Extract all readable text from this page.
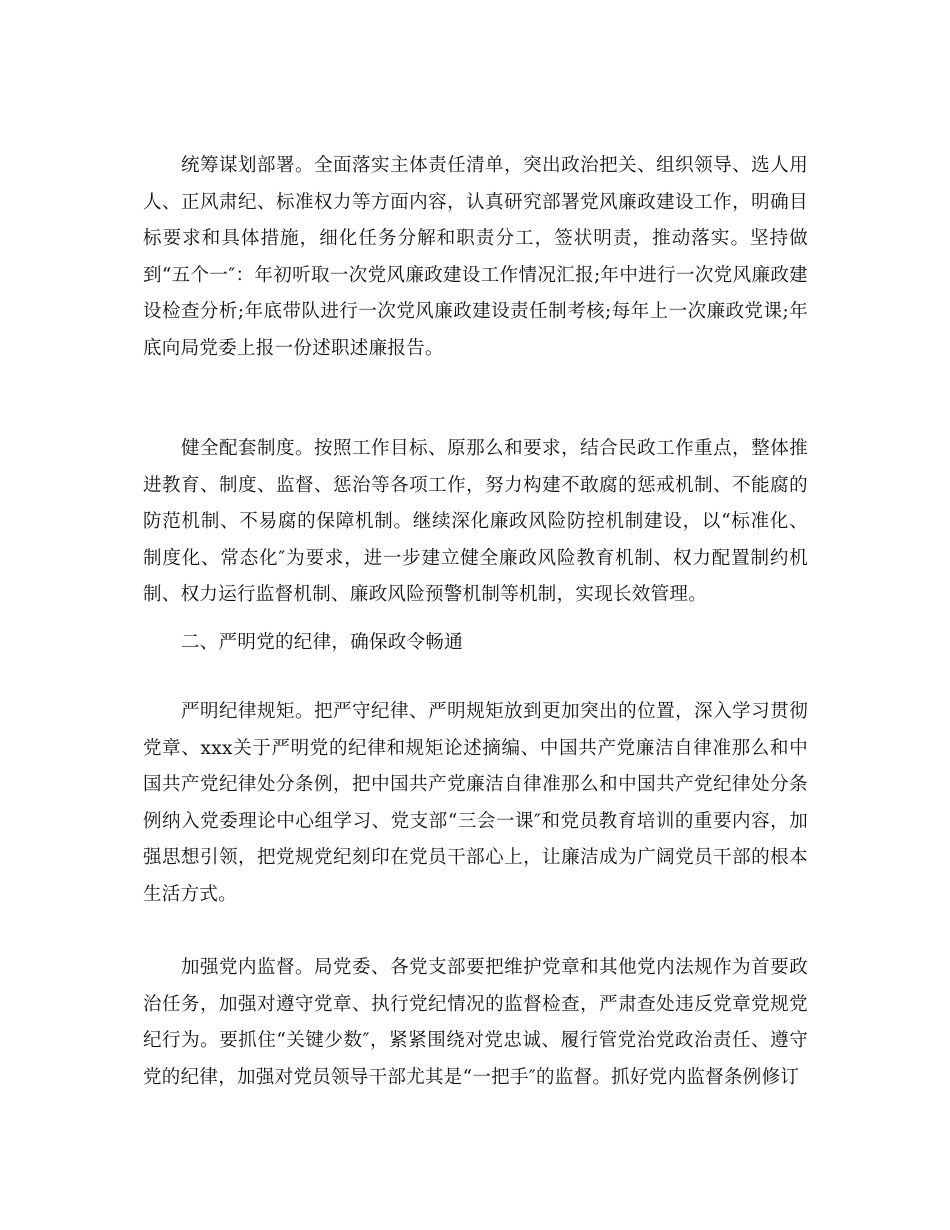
统筹谋划部署。全面落实主体责任清单，突出政治把关、组织领导、选人用人、正风肃纪、标准权力等方面内容，认真研究部署党风廉政建设工作，明确目标要求和具体措施，细化任务分解和职责分工，签状明责，推动落实。坚持做到“五个一″：年初听取一次党风廉政建设工作情况汇报;年中进行一次党风廉政建设检查分析;年底带队进行一次党风廉政建设责任制考核;每年上一次廉政党课;年底向局党委上报一份述职述廉报告。

健全配套制度。按照工作目标、原那么和要求，结合民政工作重点，整体推进教育、制度、监督、惩治等各项工作，努力构建不敢腐的惩戒机制、不能腐的防范机制、不易腐的保障机制。继续深化廉政风险防控机制建设，以“标准化、制度化、常态化″为要求，进一步建立健全廉政风险教育机制、权力配置制约机制、权力运行监督机制、廉政风险预警机制等机制，实现长效管理。

二、严明党的纪律，确保政令畅通

严明纪律规矩。把严守纪律、严明规矩放到更加突出的位置，深入学习贯彻党章、xxx关于严明党的纪律和规矩论述摘编、中国共产党廉洁自律准那么和中国共产党纪律处分条例，把中国共产党廉洁自律准那么和中国共产党纪律处分条例纳入党委理论中心组学习、党支部“三会一课″和党员教育培训的重要内容，加强思想引领，把党规党纪刻印在党员干部心上，让廉洁成为广阔党员干部的根本生活方式。

加强党内监督。局党委、各党支部要把维护党章和其他党内法规作为首要政治任务，加强对遵守党章、执行党纪情况的监督检查，严肃查处违反党章党规党纪行为。要抓住“关键少数″，紧紧围绕对党忠诚、履行管党治党政治责任、遵守党的纪律，加强对党员领导干部尤其是“一把手″的监督。抓好党内监督条例修订
